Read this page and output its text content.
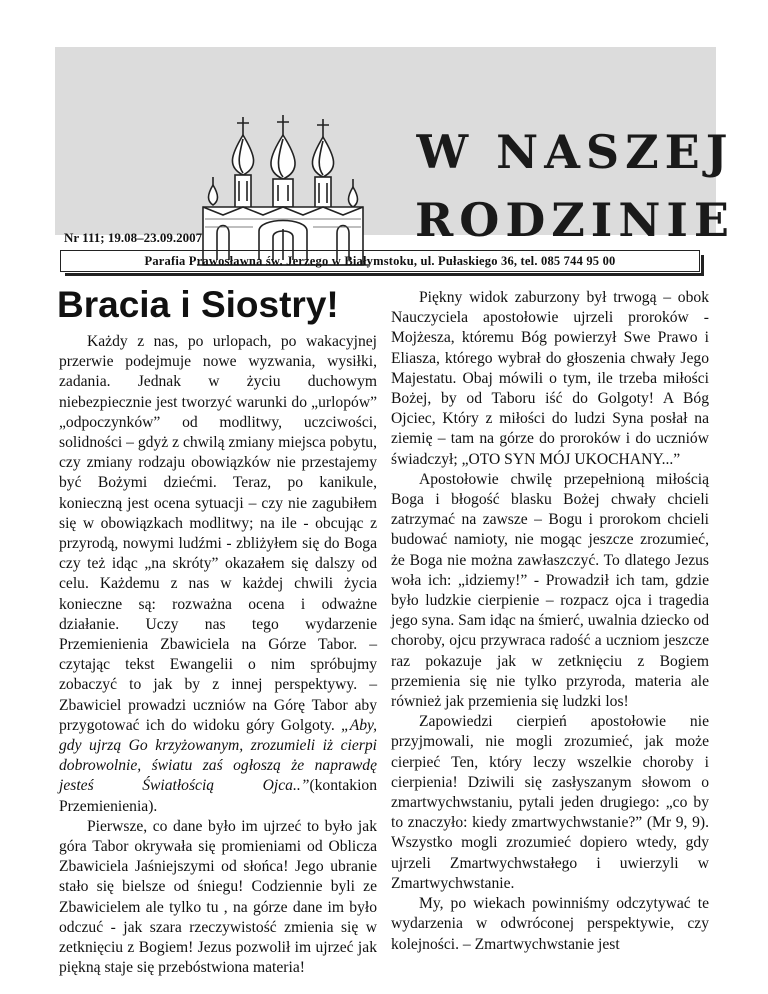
W NASZEJ
RODZINIE
Nr 111; 19.08–23.09.2007
Parafia Prawosławna św. Jerzego w Białymstoku, ul. Pułaskiego 36, tel. 085 744 95 00
Bracia i Siostry!

Każdy z nas, po urlopach, po wakacyjnej przerwie podejmuje nowe wyzwania, wysiłki, zadania. Jednak w życiu duchowym niebezpiecznie jest tworzyć warunki do „urlopów” „odpoczynków” od modlitwy, uczciwości, solidności – gdyż z chwilą zmiany miejsca pobytu, czy zmiany rodzaju obowiązków nie przestajemy być Bożymi dziećmi. Teraz, po kanikule, konieczną jest ocena sytuacji – czy nie zagubiłem się w obowiązkach modlitwy; na ile - obcując z przyrodą, nowymi ludźmi - zbliżyłem się do Boga czy też idąc „na skróty” okazałem się dalszy od celu. Każdemu z nas w każdej chwili życia konieczne są: rozważna ocena i odważne działanie. Uczy nas tego wydarzenie Przemienienia Zbawiciela na Górze Tabor. – czytając tekst Ewangelii o nim spróbujmy zobaczyć to jak by z innej perspektywy. – Zbawiciel prowadzi uczniów na Górę Tabor aby przygotować ich do widoku góry Golgoty. „Aby, gdy ujrzą Go krzyżowanym, zrozumieli iż cierpi dobrowolnie, światu zaś ogłoszą że naprawdę jesteś Światłością Ojca..”(kontakion Przemienienia).

Pierwsze, co dane było im ujrzeć to było jak góra Tabor okrywała się promieniami od Oblicza Zbawiciela Jaśniejszymi od słońca! Jego ubranie stało się bielsze od śniegu! Codziennie byli ze Zbawicielem ale tylko tu , na górze dane im było odczuć - jak szara rzeczywistość zmienia się w zetknięciu z Bogiem! Jezus pozwolił im ujrzeć jak piękną staje się przebóstwiona materia!

Piękny widok zaburzony był trwogą – obok Nauczyciela apostołowie ujrzeli proroków - Mojżesza, któremu Bóg powierzył Swe Prawo i Eliasza, którego wybrał do głoszenia chwały Jego Majestatu. Obaj mówili o tym, ile trzeba miłości Bożej, by od Taboru iść do Golgoty! A Bóg Ojciec, Który z miłości do ludzi Syna posłał na ziemię – tam na górze do proroków i do uczniów świadczył; „OTO SYN MÓJ UKOCHANY...”

Apostołowie chwilę przepełnioną miłością Boga i błogość blasku Bożej chwały chcieli zatrzymać na zawsze – Bogu i prorokom chcieli budować namioty, nie mogąc jeszcze zrozumieć, że Boga nie można zawłaszczyć. To dlatego Jezus woła ich: „idziemy!” - Prowadził ich tam, gdzie było ludzkie cierpienie – rozpacz ojca i tragedia jego syna. Sam idąc na śmierć, uwalnia dziecko od choroby, ojcu przywraca radość a uczniom jeszcze raz pokazuje jak w zetknięciu z Bogiem przemienia się nie tylko przyroda, materia ale również jak przemienia się ludzki los!

Zapowiedzi cierpień apostołowie nie przyjmowali, nie mogli zrozumieć, jak może cierpieć Ten, który leczy wszelkie choroby i cierpienia! Dziwili się zasłyszanym słowom o zmartwychwstaniu, pytali jeden drugiego: „co by to znaczyło: kiedy zmartwychwstanie?” (Mr 9, 9). Wszystko mogli zrozumieć dopiero wtedy, gdy ujrzeli Zmartwychwstałego i uwierzyli w Zmartwychwstanie.

My, po wiekach powinniśmy odczytywać te wydarzenia w odwróconej perspektywie, czy kolejności. – Zmartwychwstanie jest
